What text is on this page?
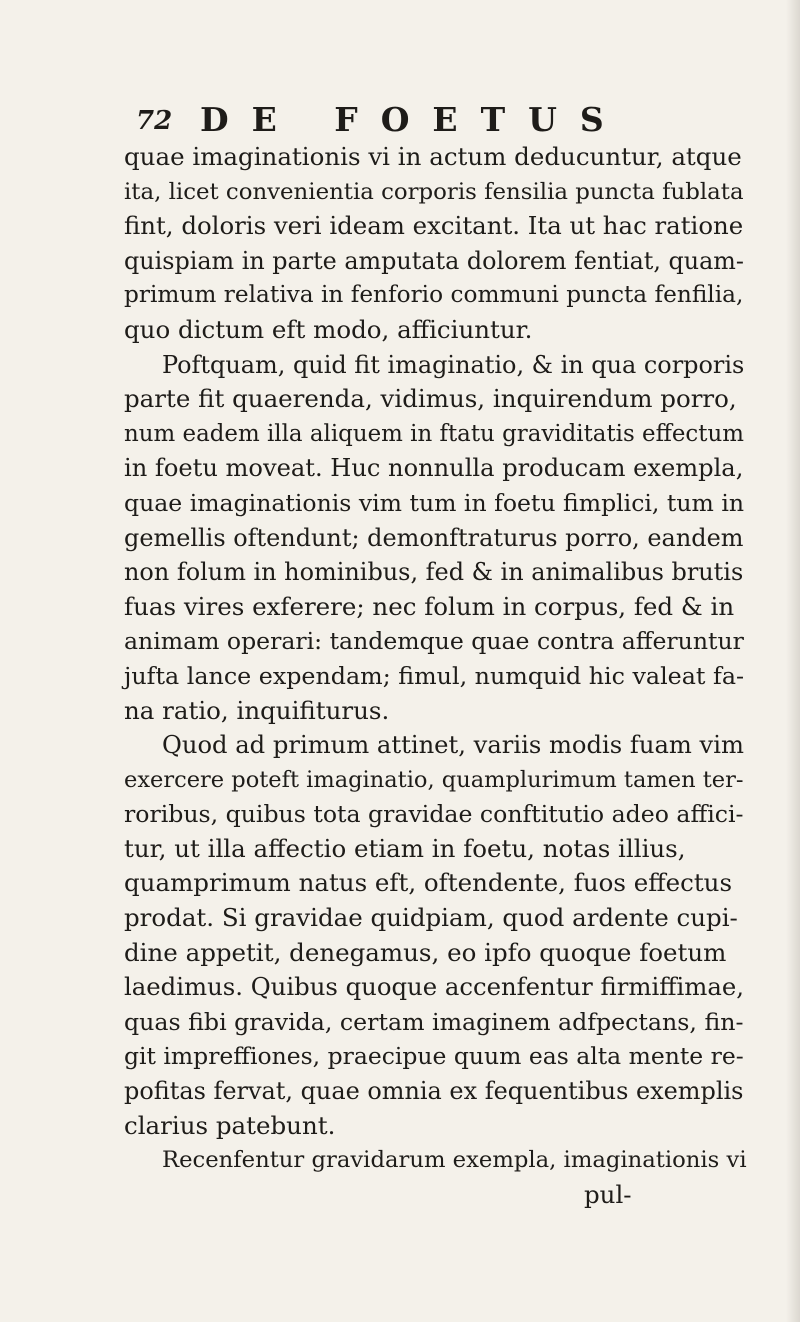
72 DE FOETUS
quae imaginationis vi in actum deducuntur, atque
ita, licet convenientia corporis fensilia puncta fublata
fint, doloris veri ideam excitant. Ita ut hac ratione
quispiam in parte amputata dolorem fentiat, quam-
primum relativa in fenforio communi puncta fenfilia,
quo dictum eft modo, afficiuntur.
Poftquam, quid fit imaginatio, & in qua corporis
parte fit quaerenda, vidimus, inquirendum porro,
num eadem illa aliquem in ftatu graviditatis effectum
in foetu moveat. Huc nonnulla producam exempla,
quae imaginationis vim tum in foetu fimplici, tum in
gemellis oftendunt; demonftraturus porro, eandem
non folum in hominibus, fed & in animalibus brutis
fuas vires exferere; nec folum in corpus, fed & in
animam operari: tandemque quae contra afferuntur
jufta lance expendam; fimul, numquid hic valeat fa-
na ratio, inquifiturus.
Quod ad primum attinet, variis modis fuam vim
exercere poteft imaginatio, quamplurimum tamen ter-
roribus, quibus tota gravidae conftitutio adeo affici-
tur, ut illa affectio etiam in foetu, notas illius,
quamprimum natus eft, oftendente, fuos effectus
prodat. Si gravidae quidpiam, quod ardente cupi-
dine appetit, denegamus, eo ipfo quoque foetum
laedimus. Quibus quoque accenfentur firmiffimae,
quas fibi gravida, certam imaginem adfpectans, fin-
git impreffiones, praecipue quum eas alta mente re-
pofitas fervat, quae omnia ex fequentibus exemplis
clarius patebunt.
Recenfentur gravidarum exempla, imaginationis vi
pul-
